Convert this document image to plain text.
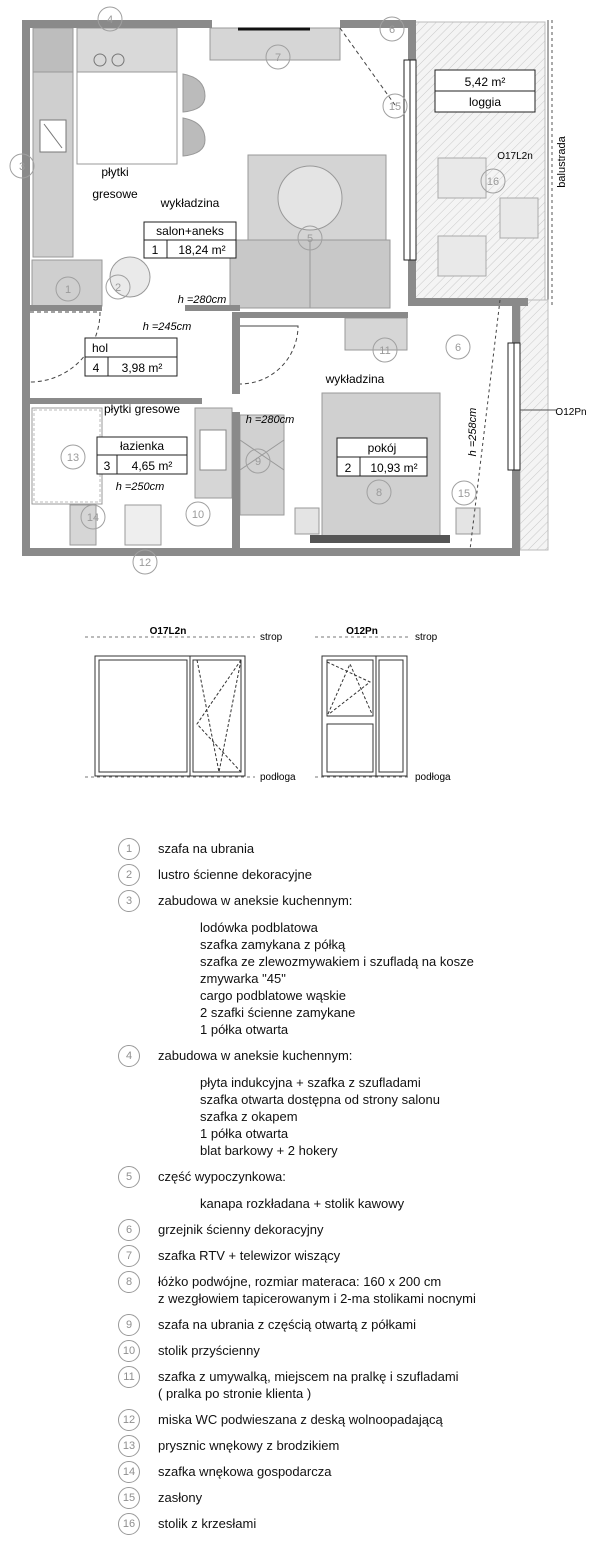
płytki
gresowe
wykładzina
salon+aneks
1 18,24 m²
h =280cm
h =245cm
hol
4 3,98 m²
płytki gresowe
łazienka
3 4,65 m²
h =250cm
h =280cm
wykładzina
pokój
2 10,93 m²
h =258cm
5,42 m²
loggia
balustrada
O17L2n
O12Pn
1	2
3
4
5
6
7
8
9
10
11
12
13
14
15
16
6
15
O17L2n
strop
podłoga
O12Pn
strop
podłoga
1	szafa na ubrania
2	lustro ścienne dekoracyjne
3	zabudowa w aneksie kuchennym:
lodówka podblatowa
szafka zamykana z półką
szafka ze zlewozmywakiem i szufladą na kosze
zmywarka "45"
cargo podblatowe wąskie
2 szafki ścienne zamykane
1 półka otwarta
4	zabudowa w aneksie kuchennym:
płyta indukcyjna + szafka z szufladami
szafka otwarta dostępna od strony salonu
szafka z okapem
1 półka otwarta
blat barkowy + 2 hokery
5	część wypoczynkowa:
kanapa rozkładana + stolik kawowy
6	grzejnik ścienny dekoracyjny
7	szafka RTV + telewizor wiszący
8	łóżko podwójne, rozmiar materaca: 160 x 200 cm
z wezgłowiem tapicerowanym i 2-ma stolikami nocnymi
9	szafa na ubrania z częścią otwartą z półkami
10	stolik przyścienny
11	szafka z umywalką, miejscem na pralkę i szufladami
( pralka po stronie klienta )
12	miska WC podwieszana z deską wolnoopadającą
13	prysznic wnękowy z brodzikiem
14	szafka wnękowa gospodarcza
15	zasłony
16	stolik z krzesłami
